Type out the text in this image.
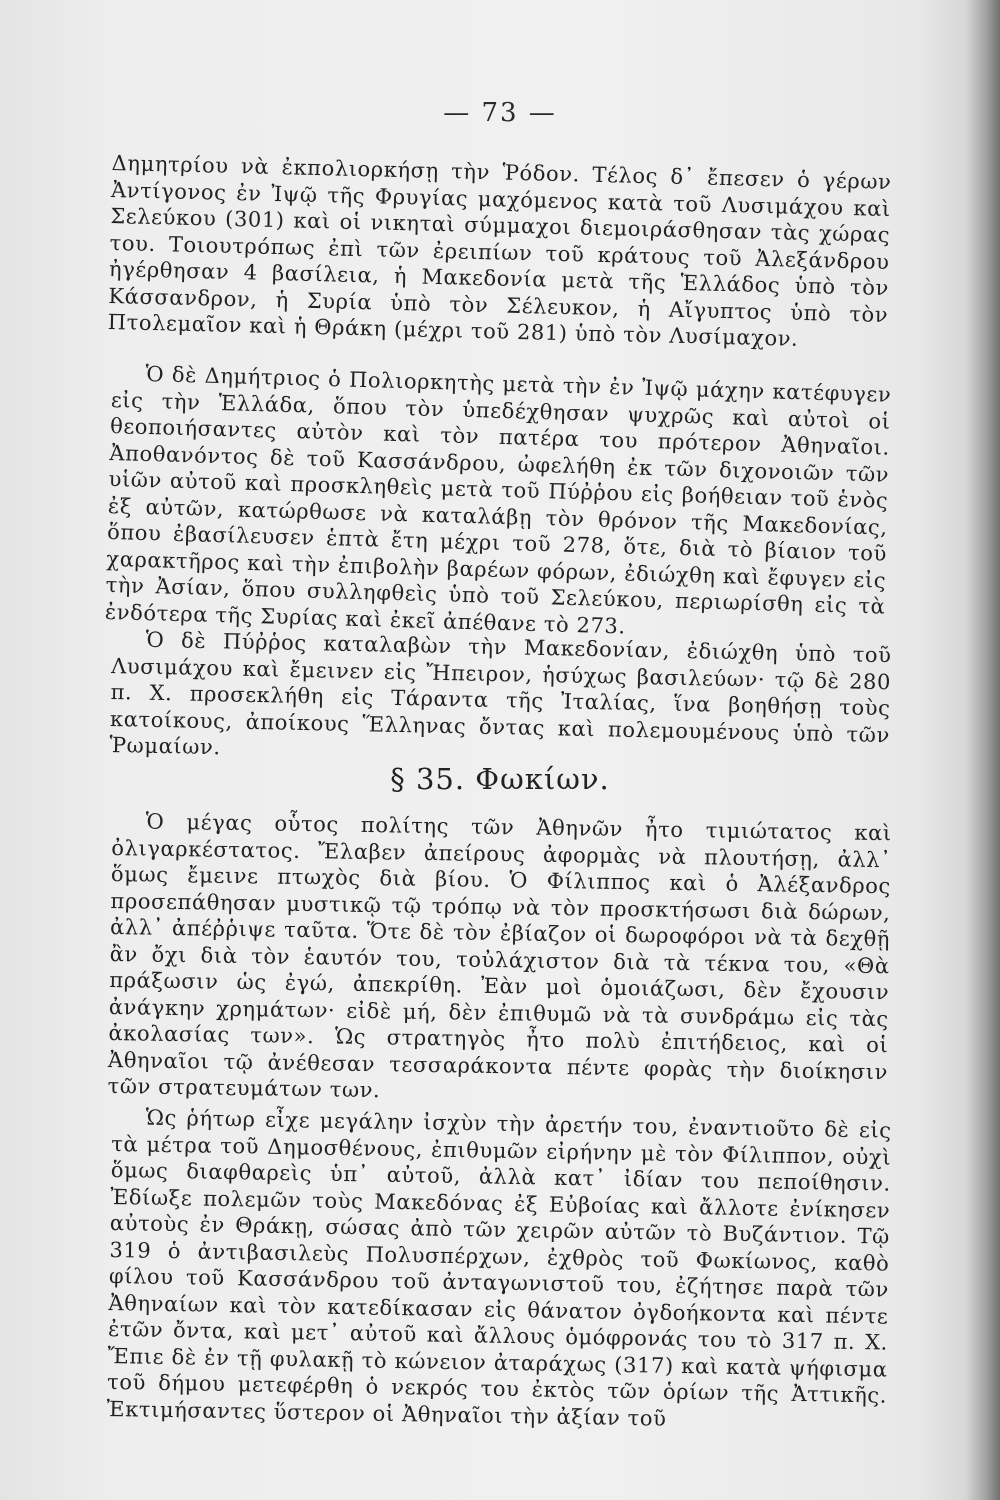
— 73 —

Δημητρίου νὰ ἐκπολιορκήσῃ τὴν Ῥόδον. Τέλος δ᾽ ἔπεσεν ὁ γέρων Ἀντίγονος ἐν Ἰψῷ τῆς Φρυγίας μαχόμενος κατὰ τοῦ Λυσιμάχου καὶ Σελεύκου (301) καὶ οἱ νικηταὶ σύμμαχοι διεμοιράσθησαν τὰς χώρας του. Τοιουτρόπως ἐπὶ τῶν ἐρειπίων τοῦ κράτους τοῦ Ἀλεξάνδρου ἠγέρθησαν 4 βασίλεια, ἡ Μακεδονία μετὰ τῆς Ἑλλάδος ὑπὸ τὸν Κάσσανδρον, ἡ Συρία ὑπὸ τὸν Σέλευκον, ἡ Αἴγυπτος ὑπὸ τὸν Πτολεμαῖον καὶ ἡ Θράκη (μέχρι τοῦ 281) ὑπὸ τὸν Λυσίμαχον.

Ὁ δὲ Δημήτριος ὁ Πολιορκητὴς μετὰ τὴν ἐν Ἰψῷ μάχην κατέφυγεν εἰς τὴν Ἑλλάδα, ὅπου τὸν ὑπεδέχθησαν ψυχρῶς καὶ αὐτοὶ οἱ θεοποιήσαντες αὐτὸν καὶ τὸν πατέρα του πρότερον Ἀθηναῖοι. Ἀποθανόντος δὲ τοῦ Κασσάνδρου, ὠφελήθη ἐκ τῶν διχονοιῶν τῶν υἱῶν αὐτοῦ καὶ προσκληθεὶς μετὰ τοῦ Πύῤῥου εἰς βοήθειαν τοῦ ἑνὸς ἐξ αὐτῶν, κατώρθωσε νὰ καταλάβῃ τὸν θρόνον τῆς Μακεδονίας, ὅπου ἐβασίλευσεν ἑπτὰ ἔτη μέχρι τοῦ 278, ὅτε, διὰ τὸ βίαιον τοῦ χαρακτῆρος καὶ τὴν ἐπιβολὴν βαρέων φόρων, ἐδιώχθη καὶ ἔφυγεν εἰς τὴν Ἀσίαν, ὅπου συλληφθεὶς ὑπὸ τοῦ Σελεύκου, περιωρίσθη εἰς τὰ ἐνδότερα τῆς Συρίας καὶ ἐκεῖ ἀπέθανε τὸ 273.

Ὁ δὲ Πύῤῥος καταλαβὼν τὴν Μακεδονίαν, ἐδιώχθη ὑπὸ τοῦ Λυσιμάχου καὶ ἔμεινεν εἰς Ἤπειρον, ἡσύχως βασιλεύων· τῷ δὲ 280 π. Χ. προσεκλήθη εἰς Τάραντα τῆς Ἰταλίας, ἵνα βοηθήσῃ τοὺς κατοίκους, ἀποίκους Ἕλληνας ὄντας καὶ πολεμουμένους ὑπὸ τῶν Ῥωμαίων.

§ 35. Φωκίων.

Ὁ μέγας οὗτος πολίτης τῶν Ἀθηνῶν ἦτο τιμιώτατος καὶ ὀλιγαρκέστατος. Ἔλαβεν ἀπείρους ἀφορμὰς νὰ πλουτήσῃ, ἀλλ᾽ ὅμως ἔμεινε πτωχὸς διὰ βίου. Ὁ Φίλιππος καὶ ὁ Ἀλέξανδρος προσεπάθησαν μυστικῷ τῷ τρόπῳ νὰ τὸν προσκτήσωσι διὰ δώρων, ἀλλ᾽ ἀπέῤῥιψε ταῦτα. Ὅτε δὲ τὸν ἐβίαζον οἱ δωροφόροι νὰ τὰ δεχθῇ ἂν ὄχι διὰ τὸν ἑαυτόν του, τοὐλάχιστον διὰ τὰ τέκνα του, «Θὰ πράξωσιν ὡς ἐγώ, ἀπεκρίθη. Ἐὰν μοὶ ὁμοιάζωσι, δὲν ἔχουσιν ἀνάγκην χρημάτων· εἰδὲ μή, δὲν ἐπιθυμῶ νὰ τὰ συνδράμω εἰς τὰς ἀκολασίας των». Ὡς στρατηγὸς ἦτο πολὺ ἐπιτήδειος, καὶ οἱ Ἀθηναῖοι τῷ ἀνέθεσαν τεσσαράκοντα πέντε φορὰς τὴν διοίκησιν τῶν στρατευμάτων των.

Ὡς ῥήτωρ εἶχε μεγάλην ἰσχὺν τὴν ἀρετήν του, ἐναντιοῦτο δὲ εἰς τὰ μέτρα τοῦ Δημοσθένους, ἐπιθυμῶν εἰρήνην μὲ τὸν Φίλιππον, οὐχὶ ὅμως διαφθαρεὶς ὑπ᾽ αὐτοῦ, ἀλλὰ κατ᾽ ἰδίαν του πεποίθησιν. Ἐδίωξε πολεμῶν τοὺς Μακεδόνας ἐξ Εὐβοίας καὶ ἄλλοτε ἐνίκησεν αὐτοὺς ἐν Θράκῃ, σώσας ἀπὸ τῶν χειρῶν αὐτῶν τὸ Βυζάντιον. Τῷ 319 ὁ ἀντιβασιλεὺς Πολυσπέρχων, ἐχθρὸς τοῦ Φωκίωνος, καθὸ φίλου τοῦ Κασσάνδρου τοῦ ἀνταγωνιστοῦ του, ἐζήτησε παρὰ τῶν Ἀθηναίων καὶ τὸν κατεδίκασαν εἰς θάνατον ὀγδοήκοντα καὶ πέντε ἐτῶν ὄντα, καὶ μετ᾽ αὐτοῦ καὶ ἄλλους ὁμόφρονάς του τὸ 317 π. Χ. Ἔπιε δὲ ἐν τῇ φυλακῇ τὸ κώνειον ἀταράχως (317) καὶ κατὰ ψήφισμα τοῦ δήμου μετεφέρθη ὁ νεκρός του ἐκτὸς τῶν ὁρίων τῆς Ἀττικῆς. Ἐκτιμήσαντες ὕστερον οἱ Ἀθηναῖοι τὴν ἀξίαν τοῦ
